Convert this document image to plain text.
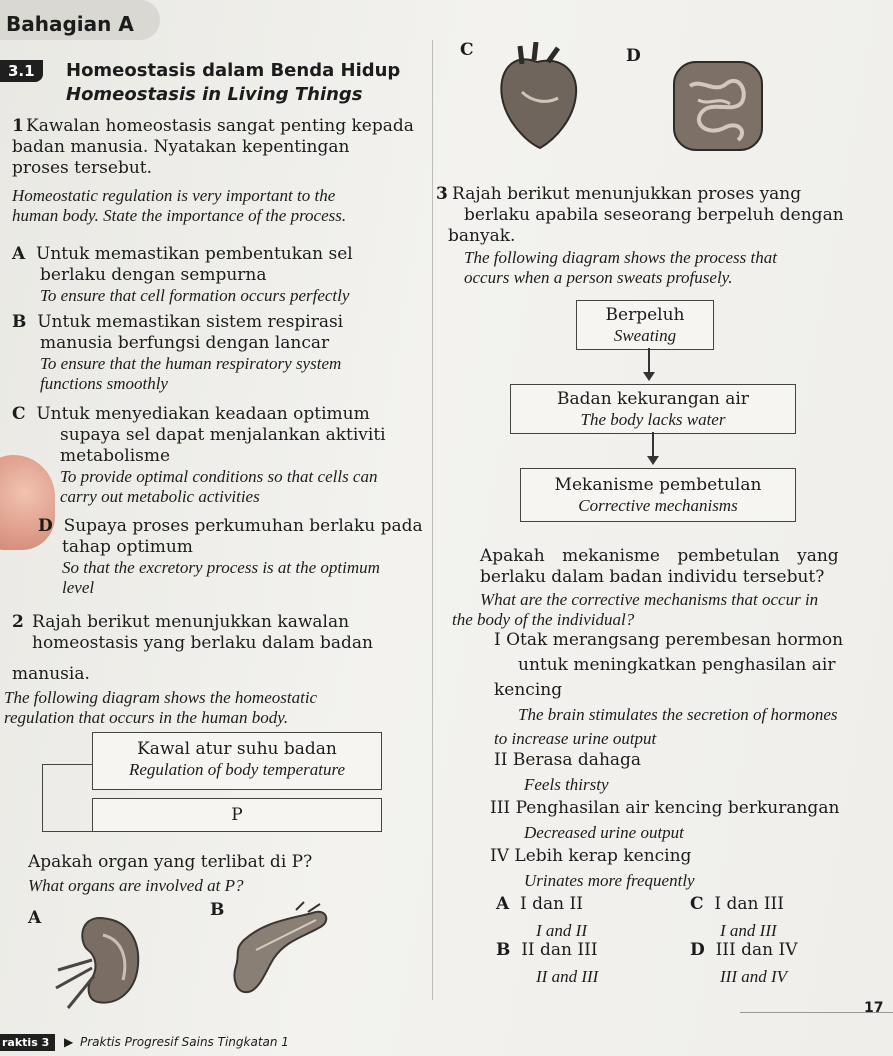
Bahagian A
3.1	Homeostasis dalam Benda Hidup
Homeostasis in Living Things
1 Kawalan homeostasis sangat penting kepada
badan manusia. Nyatakan kepentingan
proses tersebut.
Homeostatic regulation is very important to the
human body. State the importance of the process.
A Untuk memastikan pembentukan sel
berlaku dengan sempurna
To ensure that cell formation occurs perfectly
B Untuk memastikan sistem respirasi
manusia berfungsi dengan lancar
To ensure that the human respiratory system
functions smoothly
C Untuk menyediakan keadaan optimum
supaya sel dapat menjalankan aktiviti
metabolisme
To provide optimal conditions so that cells can
carry out metabolic activities
D Supaya proses perkumuhan berlaku pada
tahap optimum
So that the excretory process is at the optimum
level
2 Rajah berikut menunjukkan kawalan
homeostasis yang berlaku dalam badan
manusia.
The following diagram shows the homeostatic
regulation that occurs in the human body.
Kawal atur suhu badan
Regulation of body temperature
P
Apakah organ yang terlibat di P?
What organs are involved at P?
A	B
C	D
3 Rajah berikut menunjukkan proses yang
berlaku apabila seseorang berpeluh dengan
banyak.
The following diagram shows the process that
occurs when a person sweats profusely.
Berpeluh
Sweating
Badan kekurangan air
The body lacks water
Mekanisme pembetulan
Corrective mechanisms
Apakah mekanisme pembetulan yang
berlaku dalam badan individu tersebut?
What are the corrective mechanisms that occur in
the body of the individual?
I Otak merangsang perembesan hormon
untuk meningkatkan penghasilan air
kencing
The brain stimulates the secretion of hormones
to increase urine output
II Berasa dahaga
Feels thirsty
III Penghasilan air kencing berkurangan
Decreased urine output
IV Lebih kerap kencing
Urinates more frequently
A I dan II
I and II
C I dan III
I and III
B II dan III
II and III
D III dan IV
III and IV
17
raktis 3	▶ Praktis Progresif Sains Tingkatan 1
